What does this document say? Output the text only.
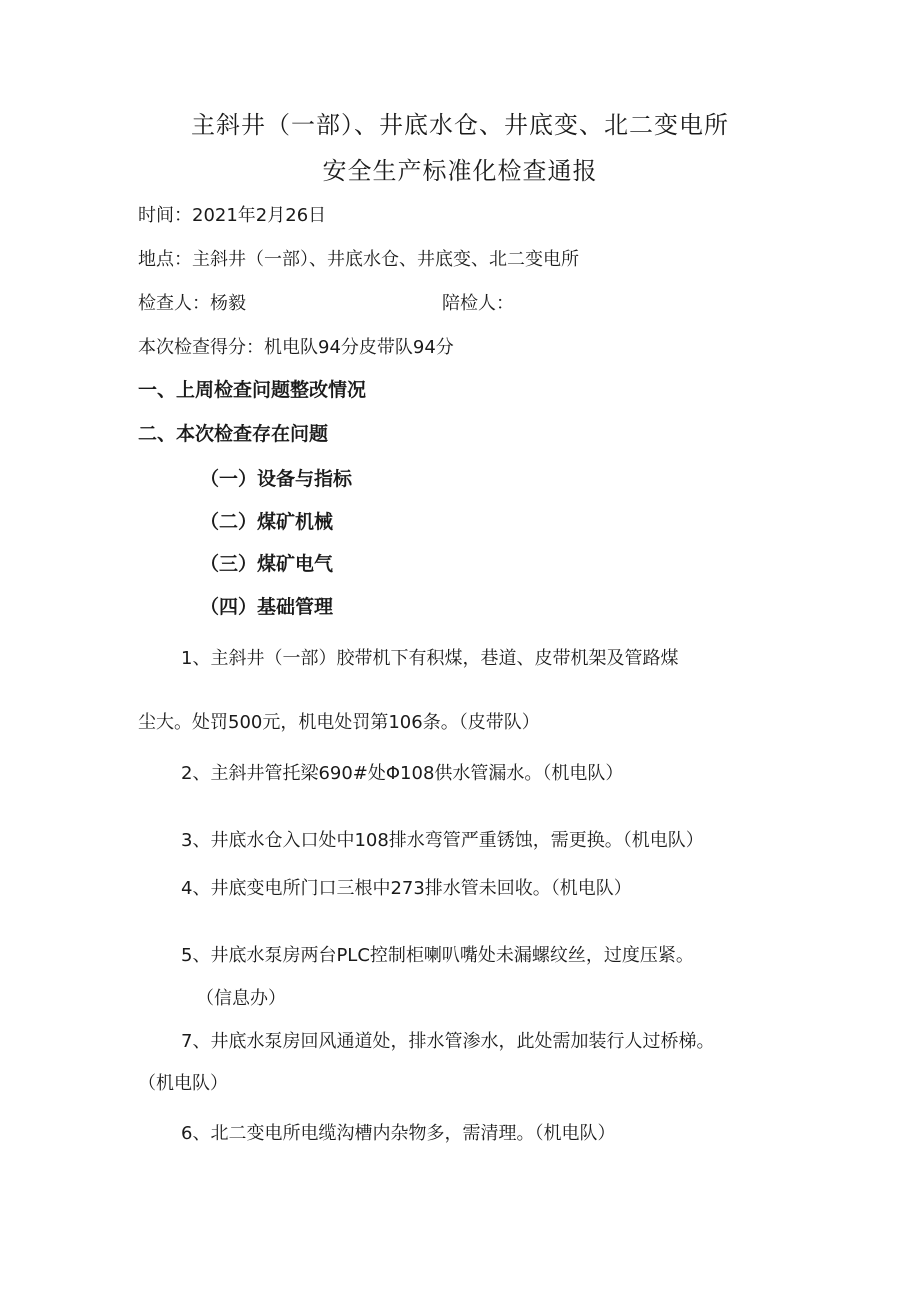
主斜井（一部）、井底水仓、井底变、北二变电所
安全生产标准化检查通报
时间：2021年2月26日
地点：主斜井（一部）、井底水仓、井底变、北二变电所
检查人：杨毅	陪检人：
本次检查得分：机电队94分皮带队94分
一、上周检查问题整改情况
二、本次检查存在问题
（一）设备与指标
（二）煤矿机械
（三）煤矿电气
（四）基础管理
1、主斜井（一部）胶带机下有积煤，巷道、皮带机架及管路煤
尘大。处罚500元，机电处罚第106条。（皮带队）
2、主斜井管托梁690#处Φ108供水管漏水。（机电队）
3、井底水仓入口处中108排水弯管严重锈蚀，需更换。（机电队）
4、井底变电所门口三根中273排水管未回收。（机电队）
5、井底水泵房两台PLC控制柜喇叭嘴处未漏螺纹丝，过度压紧。
（信息办）
7、井底水泵房回风通道处，排水管渗水，此处需加装行人过桥梯。
（机电队）
6、北二变电所电缆沟槽内杂物多，需清理。（机电队）
